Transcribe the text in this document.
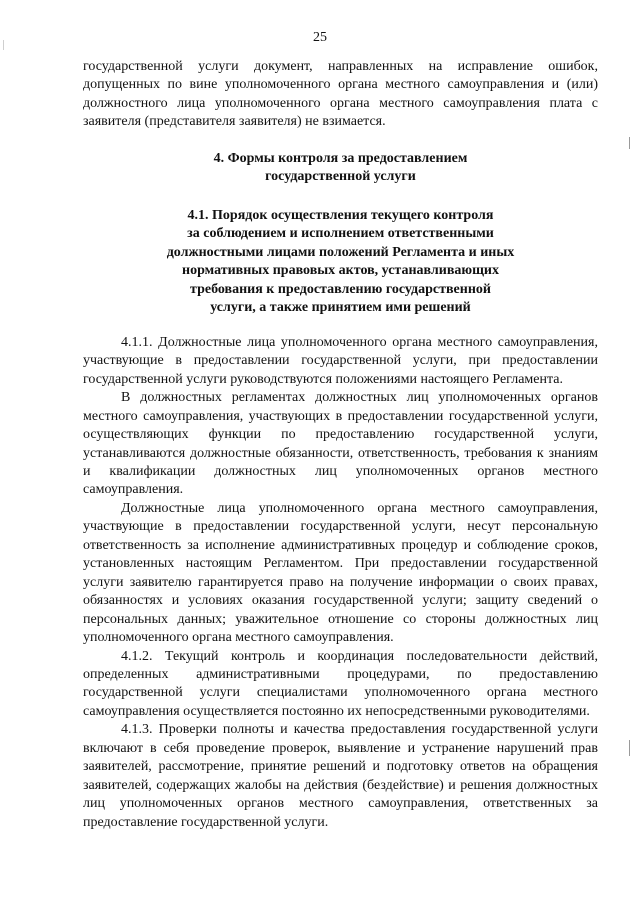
25

государственной услуги документ, направленных на исправление ошибок, допущенных по вине уполномоченного органа местного самоуправления и (или) должностного лица уполномоченного органа местного самоуправления плата с заявителя (представителя заявителя) не взимается.

4. Формы контроля за предоставлением

государственной услуги

4.1. Порядок осуществления текущего контроля

за соблюдением и исполнением ответственными

должностными лицами положений Регламента и иных

нормативных правовых актов, устанавливающих

требования к предоставлению государственной

услуги, а также принятием ими решений

4.1.1. Должностные лица уполномоченного органа местного самоуправления, участвующие в предоставлении государственной услуги, при предоставлении государственной услуги руководствуются положениями настоящего Регламента.

В должностных регламентах должностных лиц уполномоченных органов местного самоуправления, участвующих в предоставлении государственной услуги, осуществляющих функции по предоставлению государственной услуги, устанавливаются должностные обязанности, ответственность, требования к знаниям и квалификации должностных лиц уполномоченных органов местного самоуправления.

Должностные лица уполномоченного органа местного самоуправления, участвующие в предоставлении государственной услуги, несут персональную ответственность за исполнение административных процедур и соблюдение сроков, установленных настоящим Регламентом. При предоставлении государственной услуги заявителю гарантируется право на получение информации о своих правах, обязанностях и условиях оказания государственной услуги; защиту сведений о персональных данных; уважительное отношение со стороны должностных лиц уполномоченного органа местного самоуправления.

4.1.2. Текущий контроль и координация последовательности действий, определенных административными процедурами, по предоставлению государственной услуги специалистами уполномоченного органа местного самоуправления осуществляется постоянно их непосредственными руководителями.

4.1.3. Проверки полноты и качества предоставления государственной услуги включают в себя проведение проверок, выявление и устранение нарушений прав заявителей, рассмотрение, принятие решений и подготовку ответов на обращения заявителей, содержащих жалобы на действия (бездействие) и решения должностных лиц уполномоченных органов местного самоуправления, ответственных за предоставление государственной услуги.
